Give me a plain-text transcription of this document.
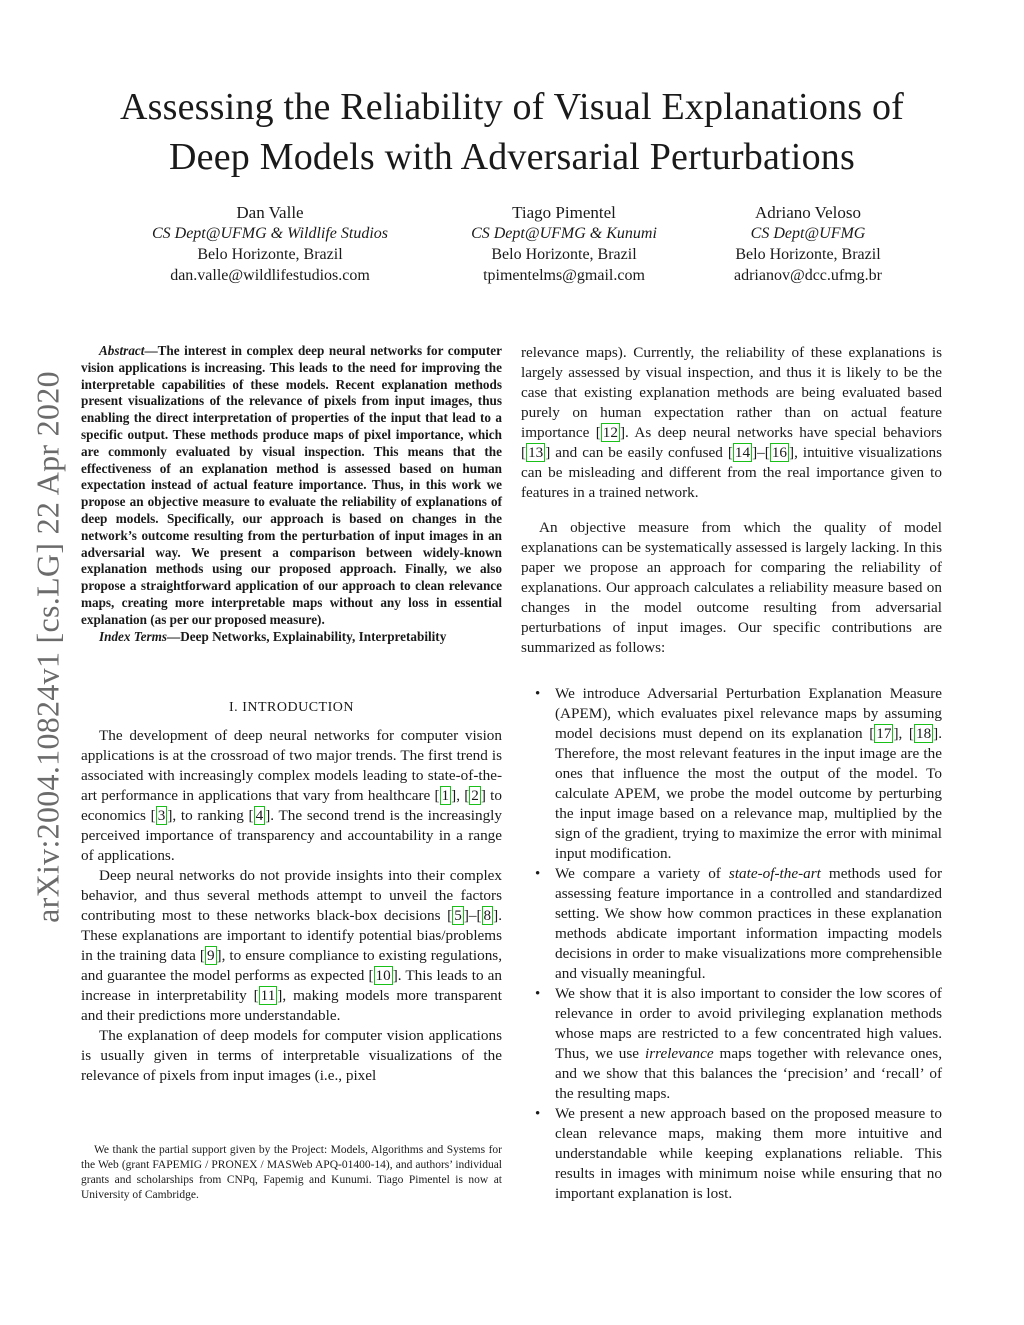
arXiv:2004.10824v1 [cs.LG] 22 Apr 2020
Assessing the Reliability of Visual Explanations of
Deep Models with Adversarial Perturbations
Dan Valle
CS Dept@UFMG & Wildlife Studios
Belo Horizonte, Brazil
dan.valle@wildlifestudios.com
Tiago Pimentel
CS Dept@UFMG & Kunumi
Belo Horizonte, Brazil
tpimentelms@gmail.com
Adriano Veloso
CS Dept@UFMG
Belo Horizonte, Brazil
adrianov@dcc.ufmg.br

Abstract—The interest in complex deep neural networks for computer vision applications is increasing. This leads to the need for improving the interpretable capabilities of these models. Recent explanation methods present visualizations of the relevance of pixels from input images, thus enabling the direct interpretation of properties of the input that lead to a specific output. These methods produce maps of pixel importance, which are commonly evaluated by visual inspection. This means that the effectiveness of an explanation method is assessed based on human expectation instead of actual feature importance. Thus, in this work we propose an objective measure to evaluate the reliability of explanations of deep models. Specifically, our approach is based on changes in the network’s outcome resulting from the perturbation of input images in an adversarial way. We present a comparison between widely-known explanation methods using our proposed approach. Finally, we also propose a straightforward application of our approach to clean relevance maps, creating more interpretable maps without any loss in essential explanation (as per our proposed measure).

Index Terms—Deep Networks, Explainability, Interpretability

I. INTRODUCTION

The development of deep neural networks for computer vision applications is at the crossroad of two major trends. The first trend is associated with increasingly complex models leading to state-of-the-art performance in applications that vary from healthcare [ 1 ], [ 2 ] to economics [ 3 ], to ranking [ 4 ]. The second trend is the increasingly perceived importance of transparency and accountability in a range of applications.

Deep neural networks do not provide insights into their complex behavior, and thus several methods attempt to unveil the factors contributing most to these networks black-box decisions [ 5 ]–[ 8 ]. These explanations are important to identify potential bias/problems in the training data [ 9 ], to ensure compliance to existing regulations, and guarantee the model performs as expected [ 10 ]. This leads to an increase in interpretability [ 11 ], making models more transparent and their predictions more understandable.

The explanation of deep models for computer vision applications is usually given in terms of interpretable visualizations of the relevance of pixels from input images (i.e., pixel

We thank the partial support given by the Project: Models, Algorithms and Systems for the Web (grant FAPEMIG / PRONEX / MASWeb APQ-01400-14), and authors’ individual grants and scholarships from CNPq, Fapemig and Kunumi. Tiago Pimentel is now at University of Cambridge.

relevance maps). Currently, the reliability of these explanations is largely assessed by visual inspection, and thus it is likely to be the case that existing explanation methods are being evaluated based purely on human expectation rather than on actual feature importance [ 12 ]. As deep neural networks have special behaviors [ 13 ] and can be easily confused [ 14 ]–[ 16 ], intuitive visualizations can be misleading and different from the real importance given to features in a trained network.

An objective measure from which the quality of model explanations can be systematically assessed is largely lacking. In this paper we propose an approach for comparing the reliability of explanations. Our approach calculates a reliability measure based on changes in the model outcome resulting from adversarial perturbations of input images. Our specific contributions are summarized as follows:

• We introduce Adversarial Perturbation Explanation Measure (APEM), which evaluates pixel relevance maps by assuming model decisions must depend on its explanation [ 17 ], [ 18 ]. Therefore, the most relevant features in the input image are the ones that influence the most the output of the model. To calculate APEM, we probe the model outcome by perturbing the input image based on a relevance map, multiplied by the sign of the gradient, trying to maximize the error with minimal input modification.
• We compare a variety of state-of-the-art methods used for assessing feature importance in a controlled and standardized setting. We show how common practices in these explanation methods abdicate important information impacting models decisions in order to make visualizations more comprehensible and visually meaningful.
• We show that it is also important to consider the low scores of relevance in order to avoid privileging explanation methods whose maps are restricted to a few concentrated high values. Thus, we use irrelevance maps together with relevance ones, and we show that this balances the ‘precision’ and ‘recall’ of the resulting maps.
• We present a new approach based on the proposed measure to clean relevance maps, making them more intuitive and understandable while keeping explanations reliable. This results in images with minimum noise while ensuring that no important explanation is lost.
